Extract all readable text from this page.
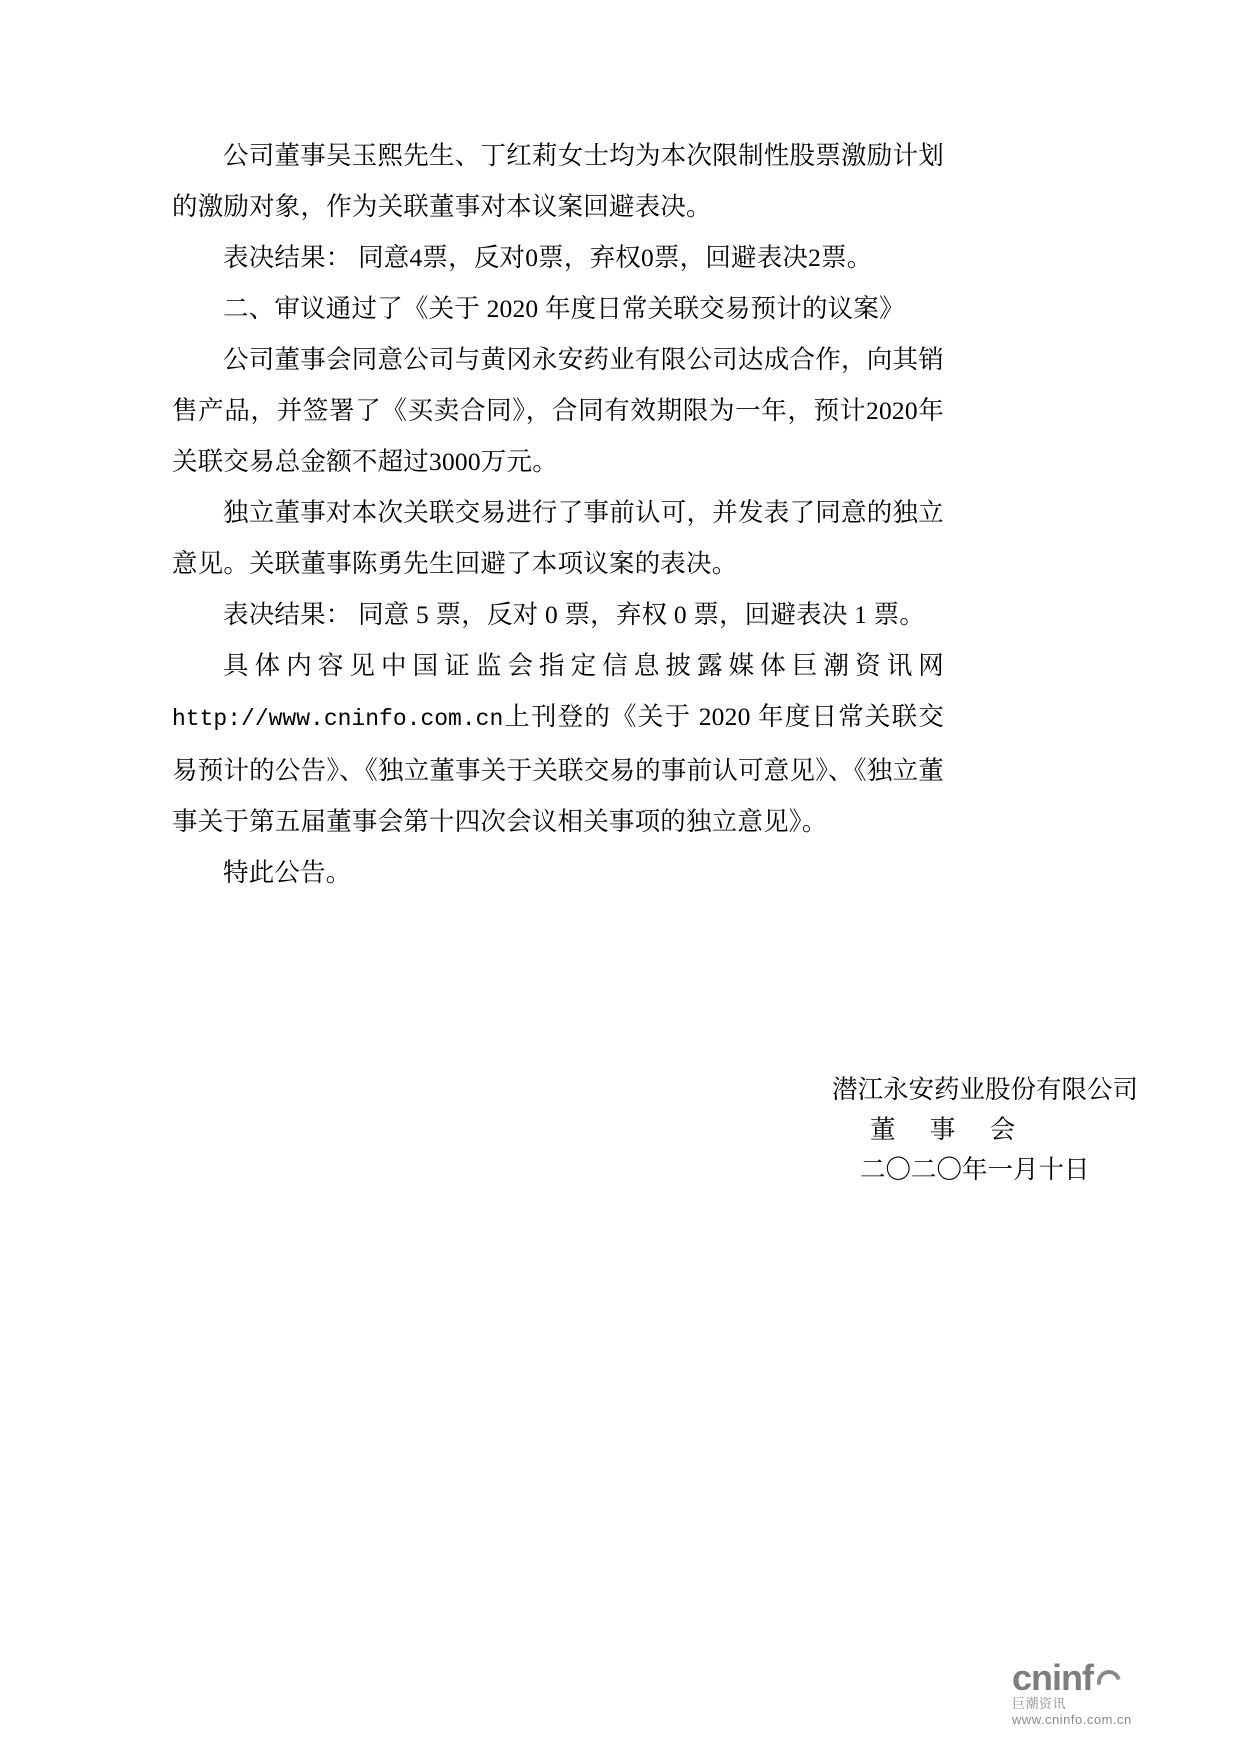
公司董事吴玉熙先生、丁红莉女士均为本次限制性股票激励计划的激励对象，作为关联董事对本议案回避表决。

表决结果： 同意4票，反对0票，弃权0票，回避表决2票。

二、审议通过了《关于 2020 年度日常关联交易预计的议案》

公司董事会同意公司与黄冈永安药业有限公司达成合作，向其销售产品，并签署了《买卖合同》，合同有效期限为一年，预计2020年关联交易总金额不超过3000万元。

独立董事对本次关联交易进行了事前认可，并发表了同意的独立意见。关联董事陈勇先生回避了本项议案的表决。

表决结果： 同意 5 票，反对 0 票，弃权 0 票，回避表决 1 票。

具体内容见中国证监会指定信息披露媒体巨潮资讯网http://www.cninfo.com.cn上刊登的《关于 2020 年度日常关联交易预计的公告》、《独立董事关于关联交易的事前认可意见》、《独立董事关于第五届董事会第十四次会议相关事项的独立意见》。

特此公告。

潜江永安药业股份有限公司
董 事 会
二〇二〇年一月十日
cninf
巨潮资讯
www.cninfo.com.cn
